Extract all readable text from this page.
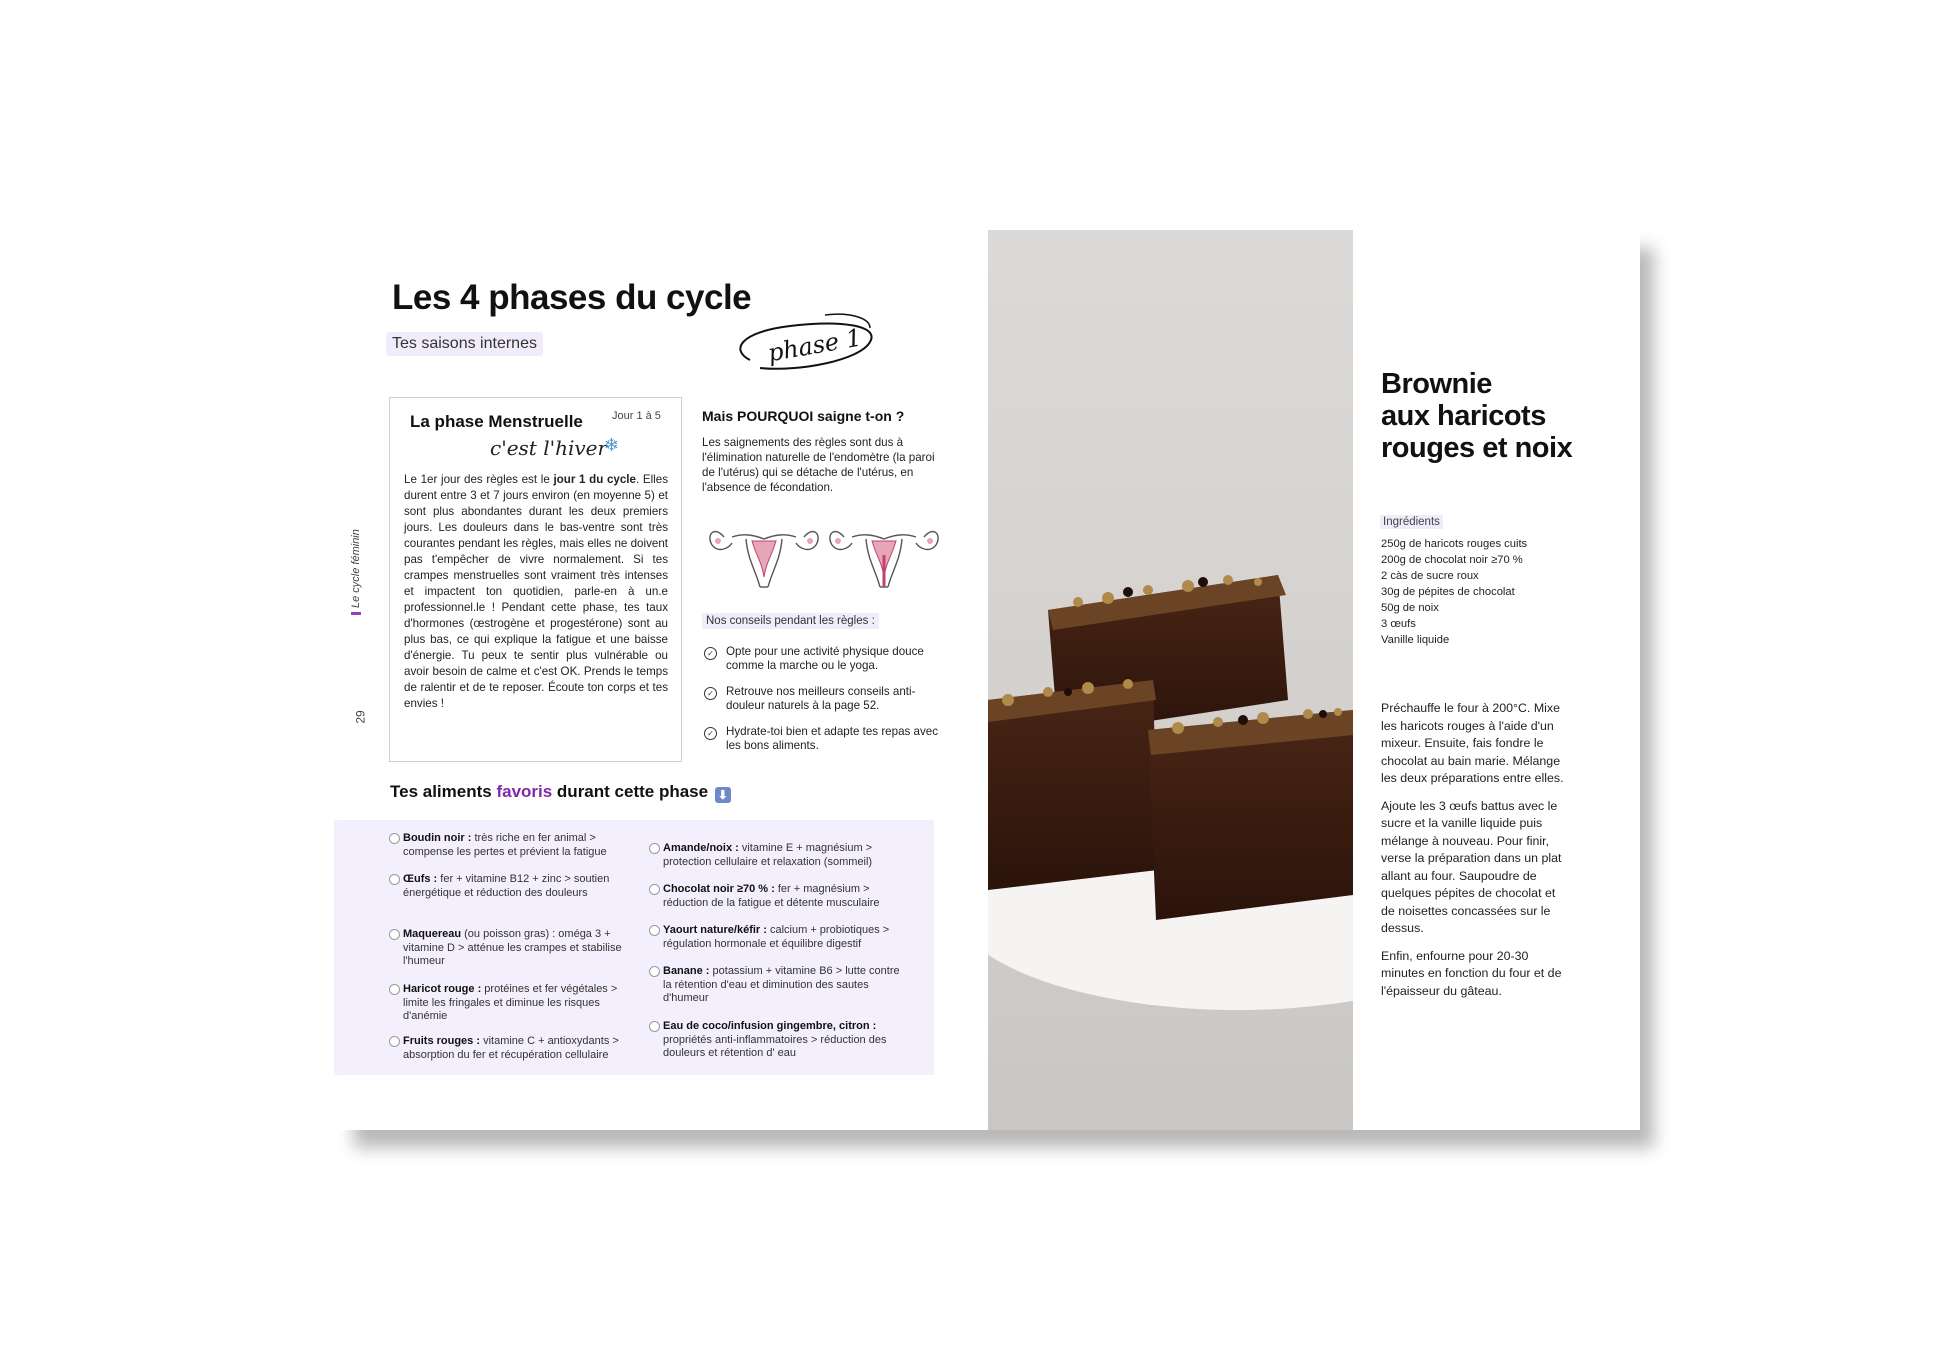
Les 4 phases du cycle
Tes saisons internes	phase 1
Le cycle féminin
29
La phase Menstruelle	Jour 1 à 5
c'est l'hiver
❄
Le 1er jour des règles est le jour 1 du cycle. Elles durent entre 3 et 7 jours environ (en moyenne 5) et sont plus abondantes durant les deux premiers jours. Les douleurs dans le bas-ventre sont très courantes pendant les règles, mais elles ne doivent pas t'empêcher de vivre normalement. Si tes crampes menstruelles sont vraiment très intenses et impactent ton quotidien, parle-en à un.e professionnel.le ! Pendant cette phase, tes taux d'hormones (œstrogène et progestérone) sont au plus bas, ce qui explique la fatigue et une baisse d'énergie. Tu peux te sentir plus vulnérable ou avoir besoin de calme et c'est OK. Prends le temps de ralentir et de te reposer. Écoute ton corps et tes envies !
Mais POURQUOI saigne t-on ?
Les saignements des règles sont dus à l'élimination naturelle de l'endomètre (la paroi de l'utérus) qui se détache de l'utérus, en l'absence de fécondation.
Nos conseils pendant les règles :
✓ Opte pour une activité physique douce comme la marche ou le yoga.
✓ Retrouve nos meilleurs conseils anti-douleur naturels à la page 52.
✓ Hydrate-toi bien et adapte tes repas avec les bons aliments.
Tes aliments favoris durant cette phase ⬇
Boudin noir : très riche en fer animal > compense les pertes et prévient la fatigue
Œufs : fer + vitamine B12 + zinc > soutien énergétique et réduction des douleurs
Maquereau (ou poisson gras) : oméga 3 + vitamine D > atténue les crampes et stabilise l'humeur
Haricot rouge : protéines et fer végétales > limite les fringales et diminue les risques d'anémie
Fruits rouges : vitamine C + antioxydants > absorption du fer et récupération cellulaire
Amande/noix : vitamine E + magnésium > protection cellulaire et relaxation (sommeil)
Chocolat noir ≥70 % : fer + magnésium > réduction de la fatigue et détente musculaire
Yaourt nature/kéfir : calcium + probiotiques > régulation hormonale et équilibre digestif
Banane : potassium + vitamine B6 > lutte contre la rétention d'eau et diminution des sautes d'humeur
Eau de coco/infusion gingembre, citron : propriétés anti-inflammatoires > réduction des douleurs et rétention d' eau
Brownie
aux haricots
rouges et noix
Ingrédients
250g de haricots rouges cuits
200g de chocolat noir ≥70 %
2 càs de sucre roux
30g de pépites de chocolat
50g de noix
3 œufs
Vanille liquide

Préchauffe le four à 200°C. Mixe les haricots rouges à l'aide d'un mixeur. Ensuite, fais fondre le chocolat au bain marie. Mélange les deux préparations entre elles.

Ajoute les 3 œufs battus avec le sucre et la vanille liquide puis mélange à nouveau. Pour finir, verse la préparation dans un plat allant au four. Saupoudre de quelques pépites de chocolat et de noisettes concassées sur le dessus.

Enfin, enfourne pour 20-30 minutes en fonction du four et de l'épaisseur du gâteau.
